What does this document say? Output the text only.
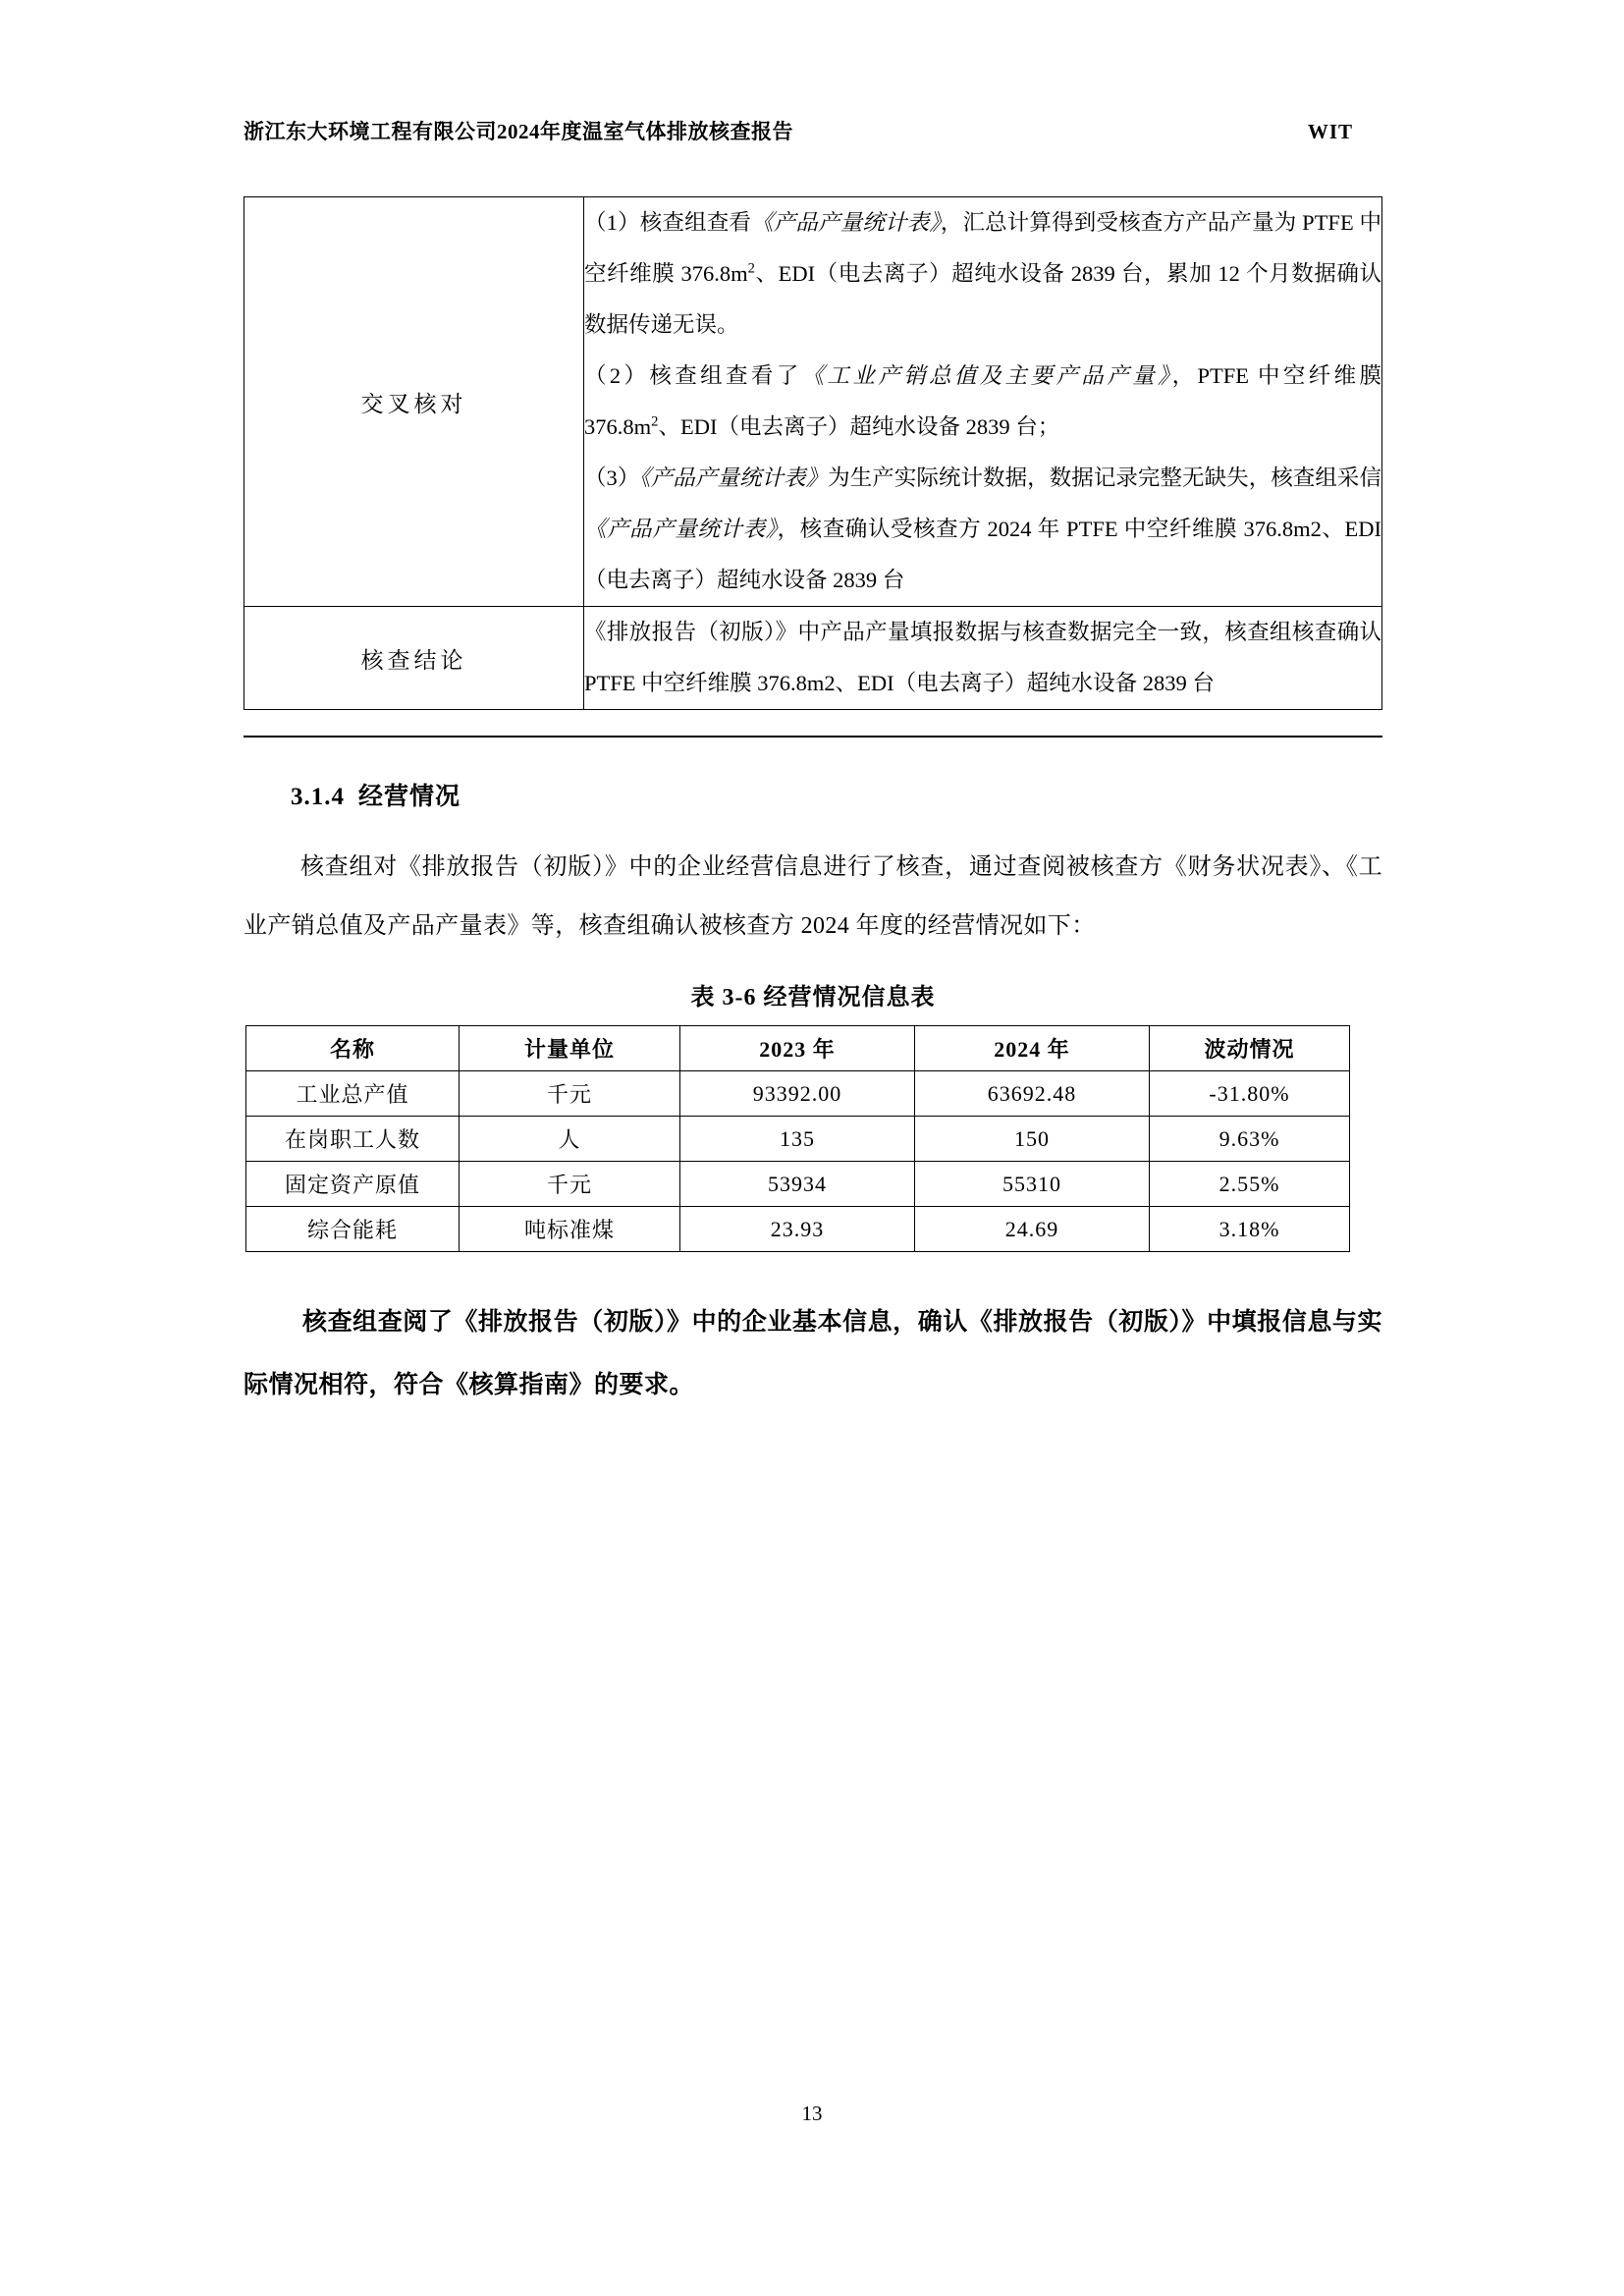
浙江东大环境工程有限公司2024年度温室气体排放核查报告	WIT
交叉核对	（1）核查组查看《产品产量统计表》，汇总计算得到受核查方产品产量为 PTFE 中空纤维膜 $376.8m^2$、EDI（电去离子）超纯水设备 2839 台，累加 12 个月数据确认数据传递无误。

（2）核查组查看了《工业产销总值及主要产品产量》，PTFE 中空纤维膜 $376.8m^2$、EDI（电去离子）超纯水设备 2839 台；

（3）《产品产量统计表》为生产实际统计数据，数据记录完整无缺失，核查组采信《产品产量统计表》，核查确认受核查方 2024 年 PTFE 中空纤维膜 376.8m2、EDI（电去离子）超纯水设备 2839 台

核查结论	《排放报告（初版）》中产品产量填报数据与核查数据完全一致，核查组核查确认 PTFE 中空纤维膜 376.8m2、EDI（电去离子）超纯水设备 2839 台

3.1.4 经营情况
核查组对《排放报告（初版）》中的企业经营信息进行了核查，通过查阅被核查方《财务状况表》、《工业产销总值及产品产量表》等，核查组确认被核查方 2024 年度的经营情况如下：
表 3-6 经营情况信息表
名称	计量单位	2023 年	2024 年	波动情况
工业总产值	千元	93392.00	63692.48	-31.80%
在岗职工人数	人	135	150	9.63%
固定资产原值	千元	53934	55310	2.55%
综合能耗	吨标准煤	23.93	24.69	3.18%
核查组查阅了《排放报告（初版）》中的企业基本信息，确认《排放报告（初版）》中填报信息与实际情况相符，符合《核算指南》的要求。
13
